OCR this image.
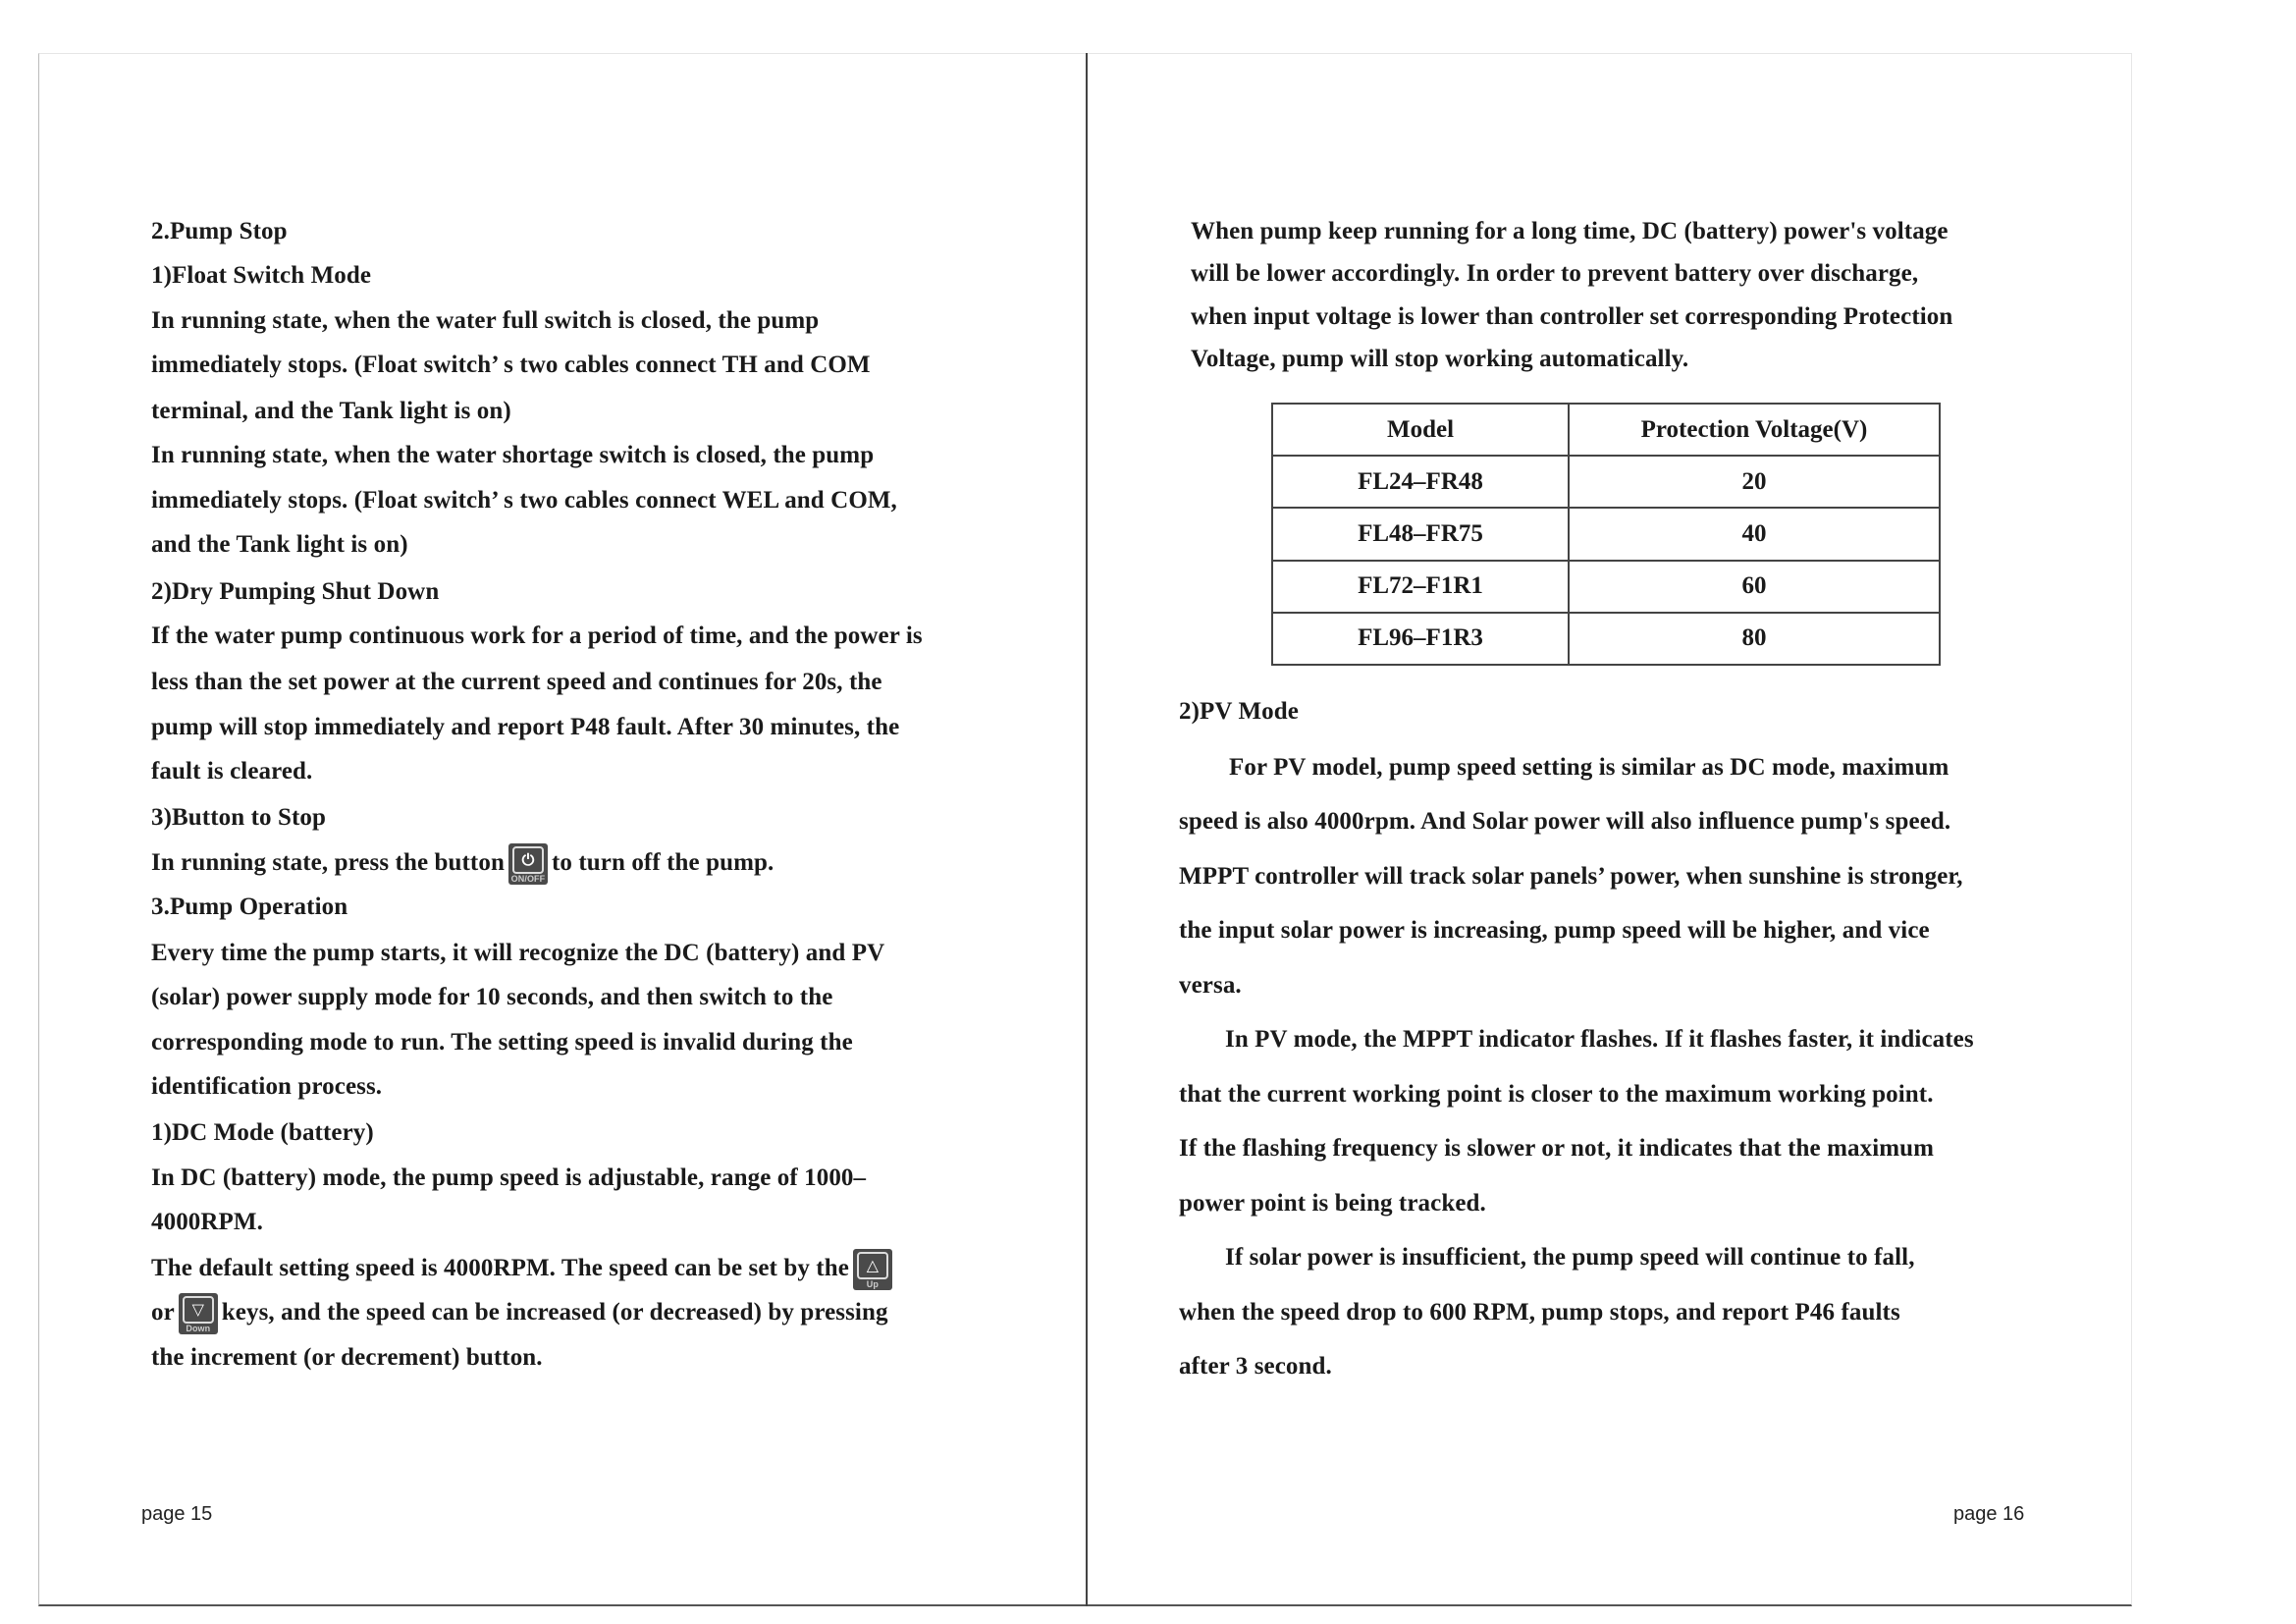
2.Pump Stop
1)Float Switch Mode
In running state, when the water full switch is closed, the pump
immediately stops. (Float switch’ s two cables connect TH and COM
terminal, and the Tank light is on)
In running state, when the water shortage switch is closed, the pump
immediately stops. (Float switch’ s two cables connect WEL and COM,
and the Tank light is on)
2)Dry Pumping Shut Down
If the water pump continuous work for a period of time, and the power is
less than the set power at the current speed and continues for 20s, the
pump will stop immediately and report P48 fault. After 30 minutes, the
fault is cleared.
3)Button to Stop
In running state, press the button	⏻
ON/OFF
to turn off the pump.
3.Pump Operation
Every time the pump starts, it will recognize the DC (battery) and PV
(solar) power supply mode for 10 seconds, and then switch to the
corresponding mode to run. The setting speed is invalid during the
identification process.
1)DC Mode (battery)
In DC (battery) mode, the pump speed is adjustable, range of 1000–
4000RPM.
The default setting speed is 4000RPM. The speed can be set by the	△
Up
or	▽
Down
keys, and the speed can be increased (or decreased) by pressing
the increment (or decrement) button.
page 15
When pump keep running for a long time, DC (battery) power's voltage
will be lower accordingly. In order to prevent battery over discharge,
when input voltage is lower than controller set corresponding Protection
Voltage, pump will stop working automatically.
Model	Protection Voltage(V)
FL24–FR48	20
FL48–FR75	40
FL72–F1R1	60
FL96–F1R3	80
2)PV Mode
For PV model, pump speed setting is similar as DC mode, maximum
speed is also 4000rpm. And Solar power will also influence pump's speed.
MPPT controller will track solar panels’ power, when sunshine is stronger,
the input solar power is increasing, pump speed will be higher, and vice
versa.
In PV mode, the MPPT indicator flashes. If it flashes faster, it indicates
that the current working point is closer to the maximum working point.
If the flashing frequency is slower or not, it indicates that the maximum
power point is being tracked.
If solar power is insufficient, the pump speed will continue to fall,
when the speed drop to 600 RPM, pump stops, and report P46 faults
after 3 second.
page 16
